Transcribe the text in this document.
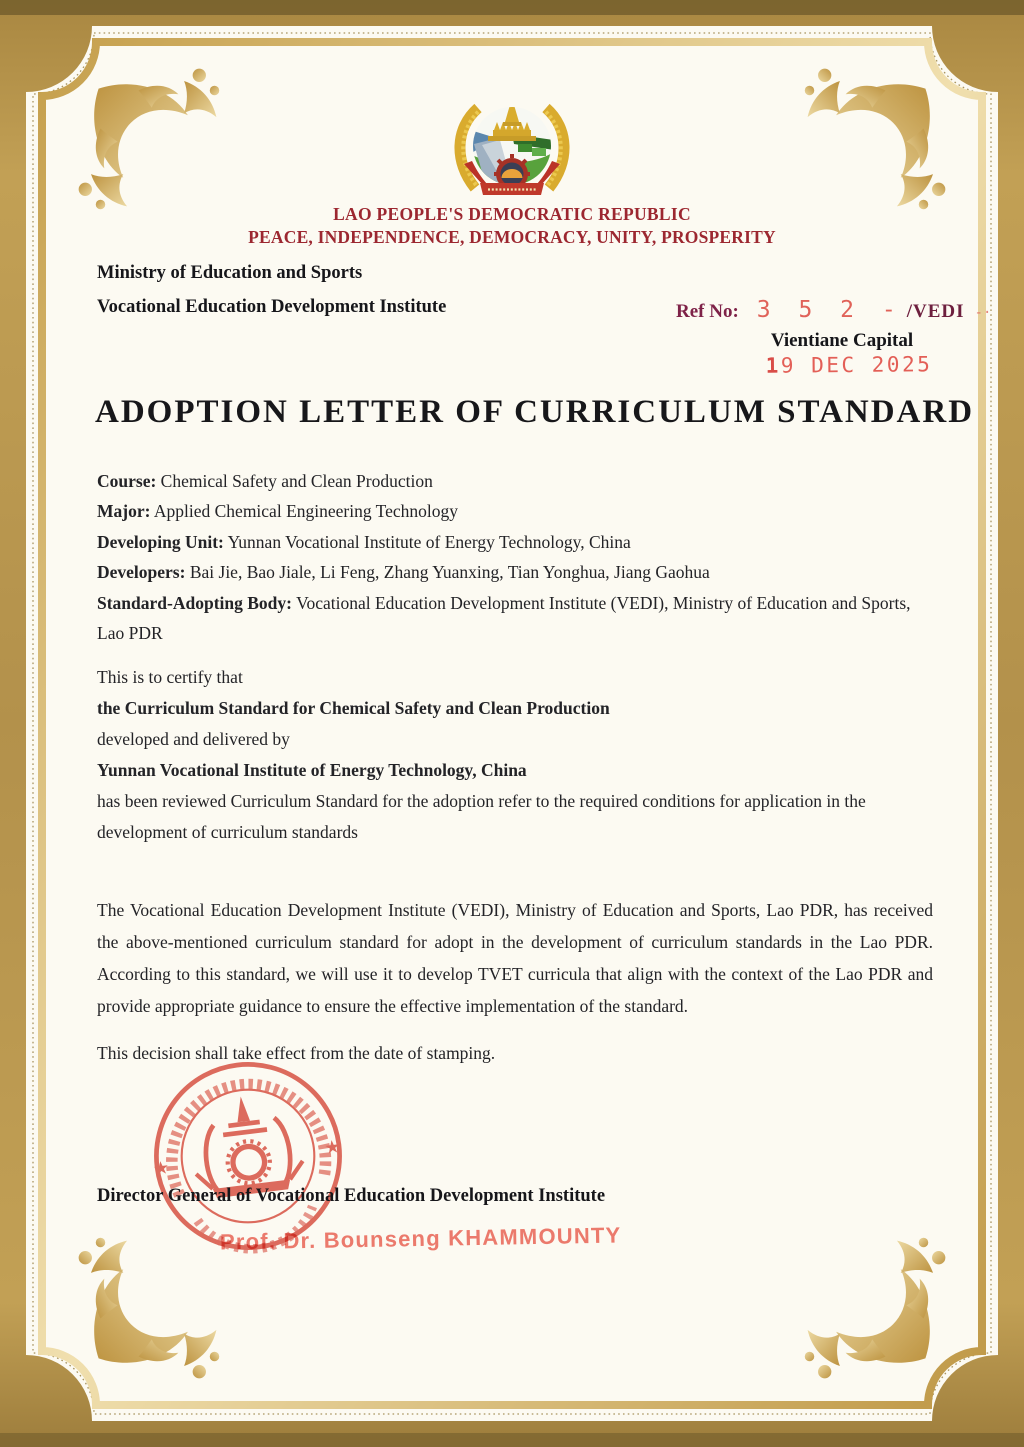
LAO PEOPLE'S DEMOCRATIC REPUBLIC
PEACE, INDEPENDENCE, DEMOCRACY, UNITY, PROSPERITY
Ministry of Education and Sports
Vocational Education Development Institute	Ref No: 3 5 2 - /VEDI -·
Vientiane Capital
19 DEC 2025
ADOPTION LETTER OF CURRICULUM STANDARD

Course: Chemical Safety and Clean Production

Major: Applied Chemical Engineering Technology

Developing Unit: Yunnan Vocational Institute of Energy Technology, China

Developers: Bai Jie, Bao Jiale, Li Feng, Zhang Yuanxing, Tian Yonghua, Jiang Gaohua

Standard-Adopting Body: Vocational Education Development Institute (VEDI), Ministry of Education and Sports, Lao PDR

This is to certify that

the Curriculum Standard for Chemical Safety and Clean Production

developed and delivered by

Yunnan Vocational Institute of Energy Technology, China

has been reviewed Curriculum Standard for the adoption refer to the required conditions for application in the development of curriculum standards

The Vocational Education Development Institute (VEDI), Ministry of Education and Sports, Lao PDR, has received the above-mentioned curriculum standard for adopt in the development of curriculum standards in the Lao PDR. According to this standard, we will use it to develop TVET curricula that align with the context of the Lao PDR and provide appropriate guidance to ensure the effective implementation of the standard.
This decision shall take effect from the date of stamping.
★
★
Director General of Vocational Education Development Institute
Prof. Dr. Bounseng KHAMMOUNTY
